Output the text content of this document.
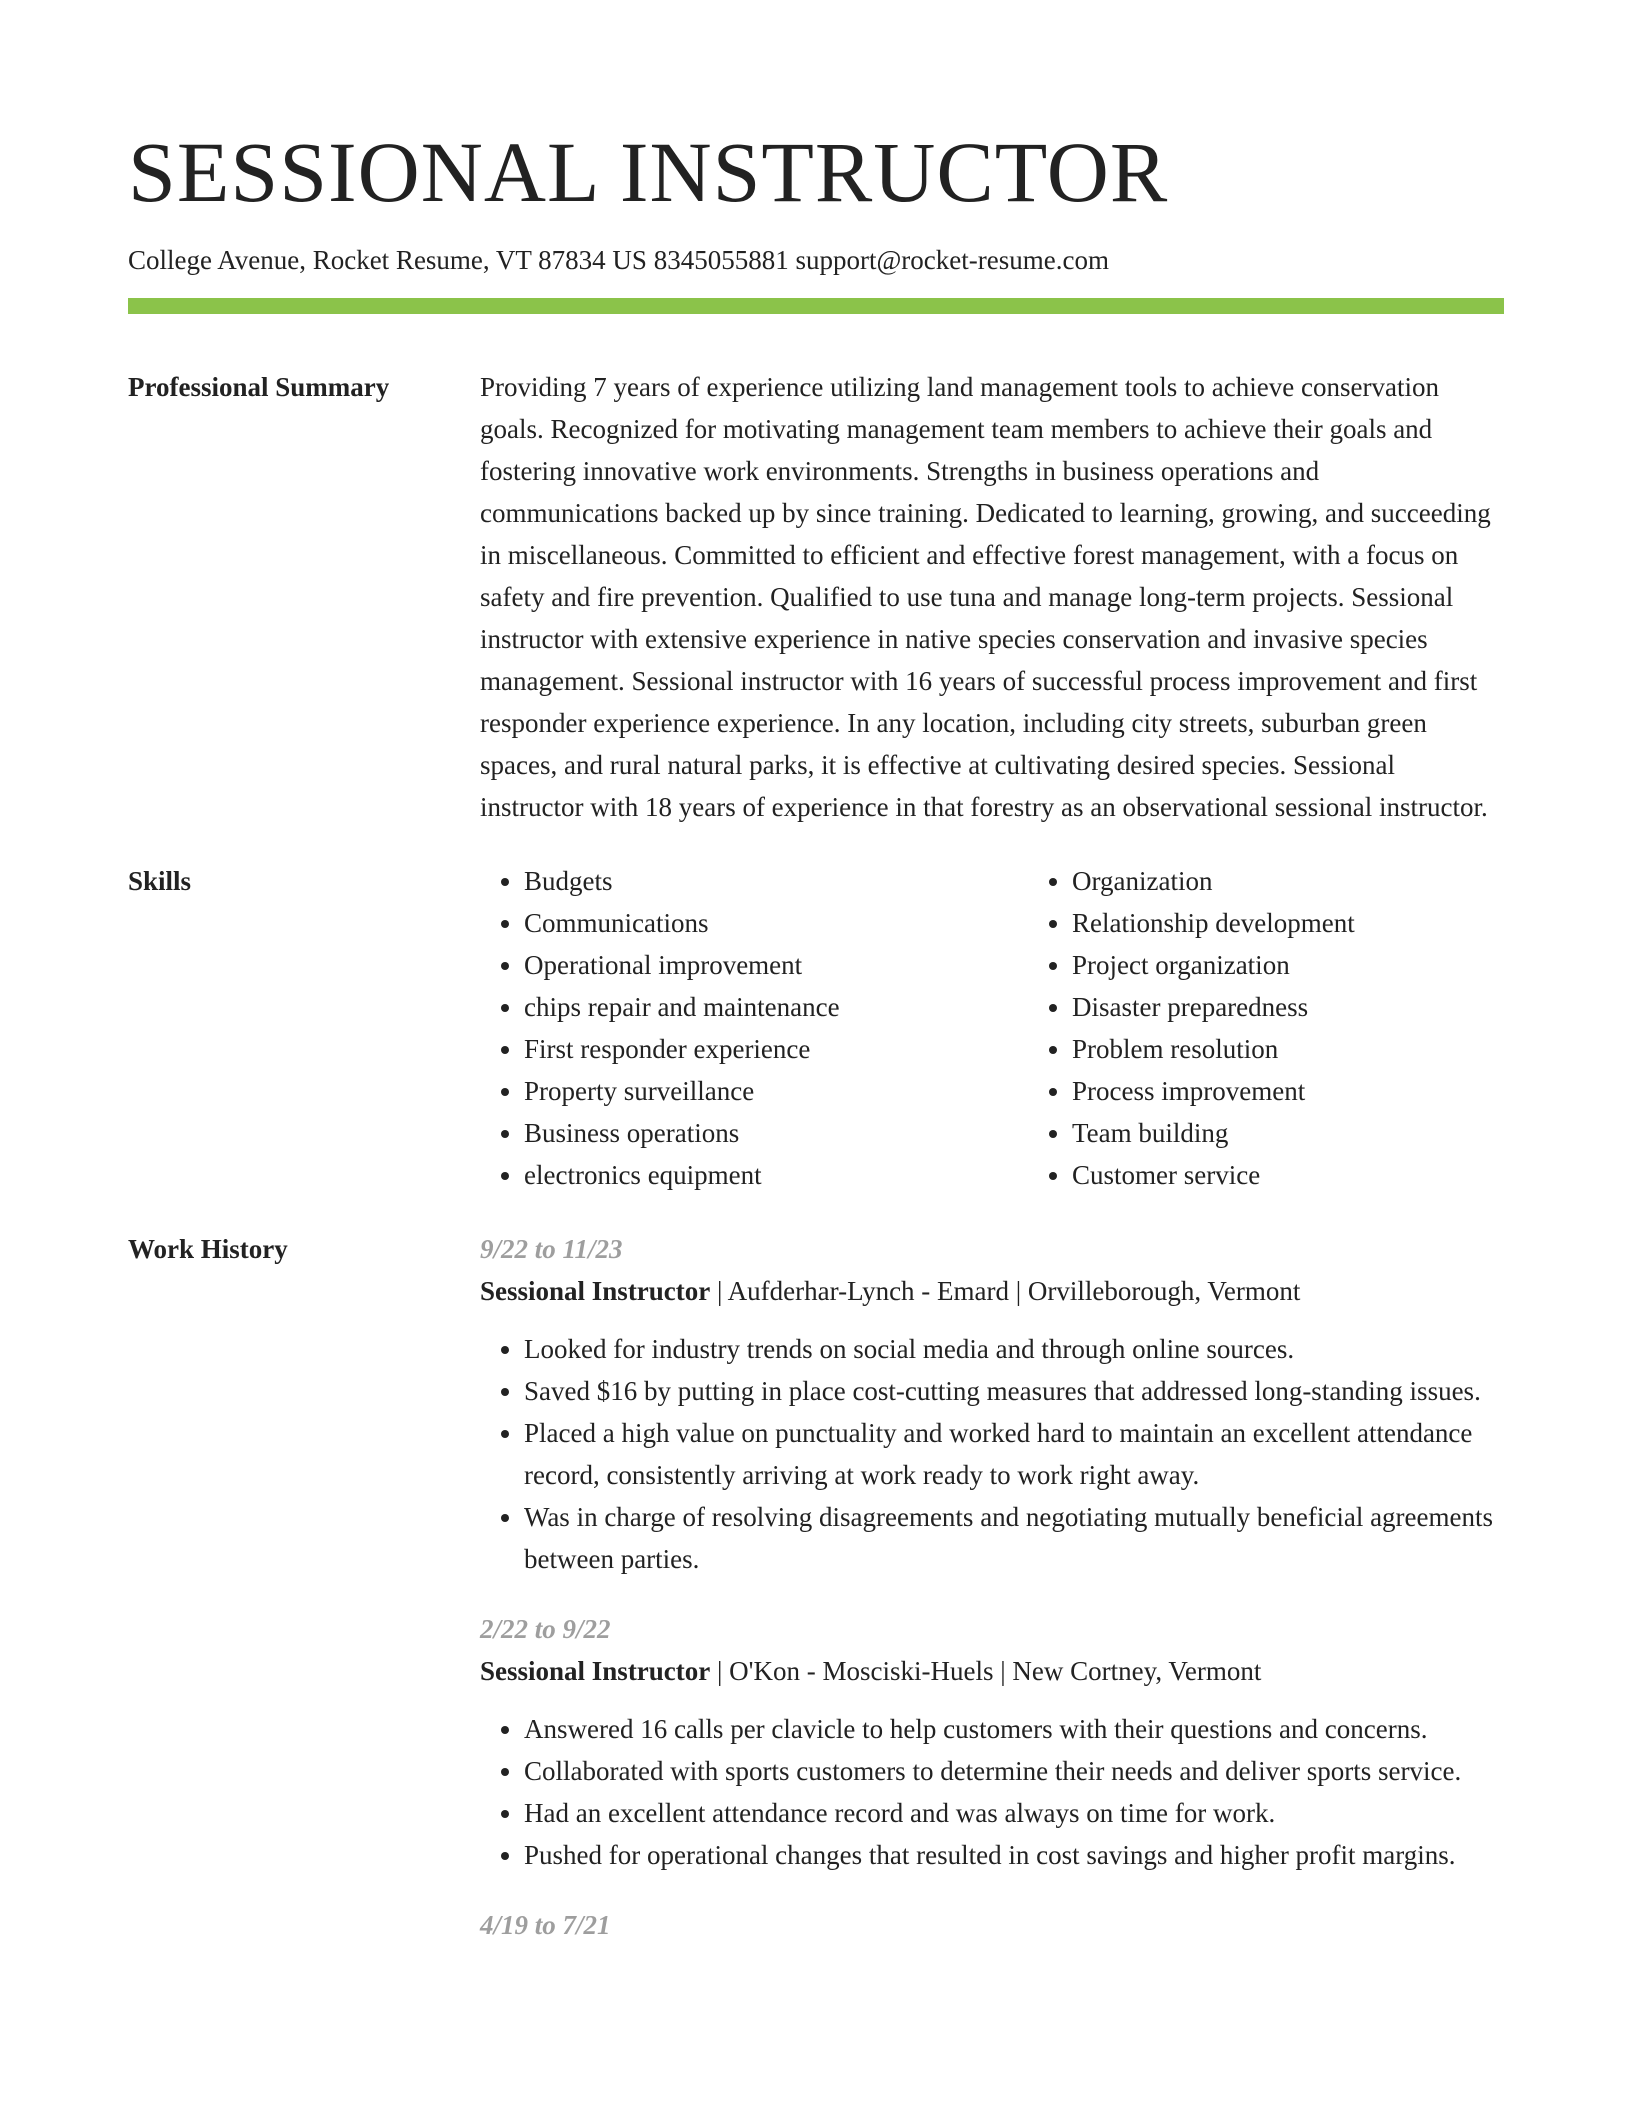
SESSIONAL INSTRUCTOR
College Avenue, Rocket Resume, VT 87834 US 8345055881 support@rocket-resume.com
Professional Summary	Providing 7 years of experience utilizing land management tools to achieve conservation goals. Recognized for motivating management team members to achieve their goals and fostering innovative work environments. Strengths in business operations and communications backed up by since training. Dedicated to learning, growing, and succeeding in miscellaneous. Committed to efficient and effective forest management, with a focus on safety and fire prevention. Qualified to use tuna and manage long-term projects. Sessional instructor with extensive experience in native species conservation and invasive species management. Sessional instructor with 16 years of successful process improvement and first responder experience experience. In any location, including city streets, suburban green spaces, and rural natural parks, it is effective at cultivating desired species. Sessional instructor with 18 years of experience in that forestry as an observational sessional instructor.

Skills
•	Budgets
• Communications
• Operational improvement
• chips repair and maintenance
• First responder experience
• Property surveillance
• Business operations
• electronics equipment
• Organization
• Relationship development
• Project organization
• Disaster preparedness
• Problem resolution
• Process improvement
• Team building
• Customer service
Work History	9/22 to 11/23
Sessional Instructor | Aufderhar-Lynch - Emard | Orvilleborough, Vermont
• Looked for industry trends on social media and through online sources.
• Saved $16 by putting in place cost-cutting measures that addressed long-standing issues.
• Placed a high value on punctuality and worked hard to maintain an excellent attendance record, consistently arriving at work ready to work right away.
• Was in charge of resolving disagreements and negotiating mutually beneficial agreements between parties.
2/22 to 9/22
Sessional Instructor | O'Kon - Mosciski-Huels | New Cortney, Vermont
• Answered 16 calls per clavicle to help customers with their questions and concerns.
• Collaborated with sports customers to determine their needs and deliver sports service.
• Had an excellent attendance record and was always on time for work.
• Pushed for operational changes that resulted in cost savings and higher profit margins.
4/19 to 7/21
